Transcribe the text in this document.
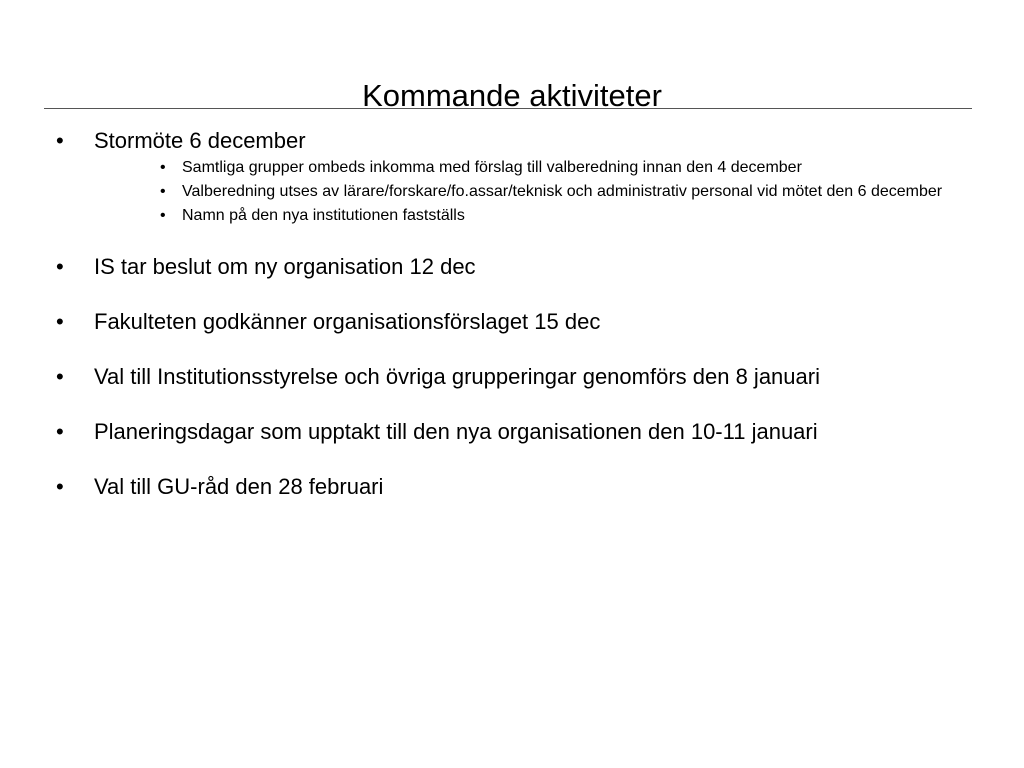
Kommande aktiviteter
• Stormöte 6 december
• Samtliga grupper ombeds inkomma med förslag till valberedning innan den 4 december
• Valberedning utses av lärare/forskare/fo.assar/teknisk och administrativ personal vid mötet den 6 december
• Namn på den nya institutionen fastställs
• IS tar beslut om ny organisation 12 dec
• Fakulteten godkänner organisationsförslaget 15 dec
• Val till Institutionsstyrelse och övriga grupperingar genomförs den 8 januari
• Planeringsdagar som upptakt till den nya organisationen den 10-11 januari
• Val till GU-råd den 28 februari
